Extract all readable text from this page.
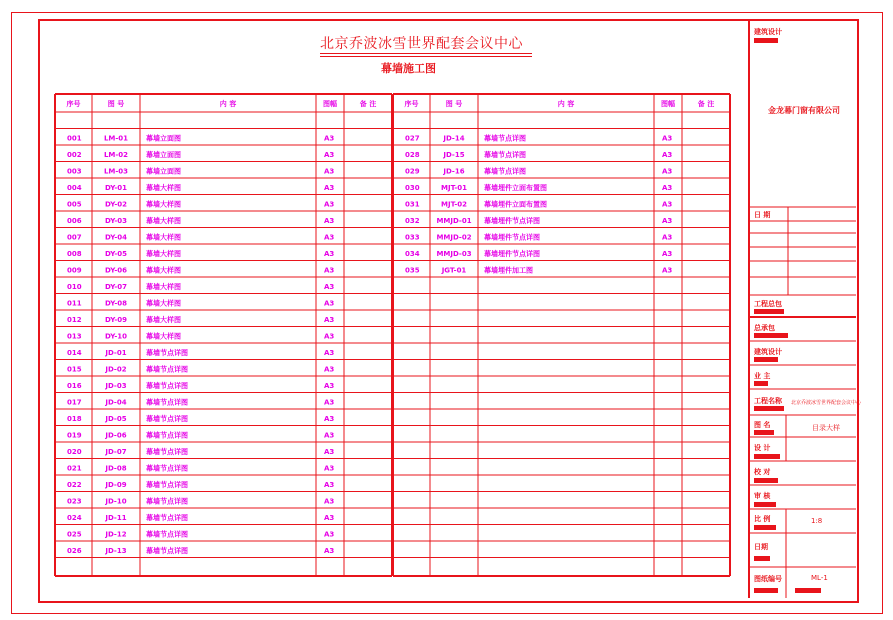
北京乔波冰雪世界配套会议中心
幕墙施工图
序号	图 号	内 容	图幅	备 注
001	LM-01	幕墙立面图	A3
002	LM-02	幕墙立面图	A3
003	LM-03	幕墙立面图	A3
004	DY-01	幕墙大样图	A3
005	DY-02	幕墙大样图	A3
006	DY-03	幕墙大样图	A3
007	DY-04	幕墙大样图	A3
008	DY-05	幕墙大样图	A3
009	DY-06	幕墙大样图	A3
010	DY-07	幕墙大样图	A3
011	DY-08	幕墙大样图	A3
012	DY-09	幕墙大样图	A3
013	DY-10	幕墙大样图	A3
014	JD-01	幕墙节点详图	A3
015	JD-02	幕墙节点详图	A3
016	JD-03	幕墙节点详图	A3
017	JD-04	幕墙节点详图	A3
018	JD-05	幕墙节点详图	A3
019	JD-06	幕墙节点详图	A3
020	JD-07	幕墙节点详图	A3
021	JD-08	幕墙节点详图	A3
022	JD-09	幕墙节点详图	A3
023	JD-10	幕墙节点详图	A3
024	JD-11	幕墙节点详图	A3
025	JD-12	幕墙节点详图	A3
026	JD-13	幕墙节点详图	A3
序号	图 号	内 容	图幅	备 注
027	JD-14	幕墙节点详图	A3
028	JD-15	幕墙节点详图	A3
029	JD-16	幕墙节点详图	A3
030	MJT-01 幕墙埋件立面布置图	A3
031	MJT-02 幕墙埋件立面布置图	A3
032 MMJD-01 幕墙埋件节点详图	A3
033 MMJD-02 幕墙埋件节点详图	A3
034 MMJD-03 幕墙埋件节点详图	A3
035	JGT-01	幕墙埋件加工图	A3
建筑设计
金龙幕门窗有限公司
日 期
工程总包
总承包
建筑设计
业 主
工程名称 北京乔波冰雪世界配套会议中心
图 名	目录大样
设 计
校 对
审 核
比 例	1:8
日期
图纸编号	ML-1
